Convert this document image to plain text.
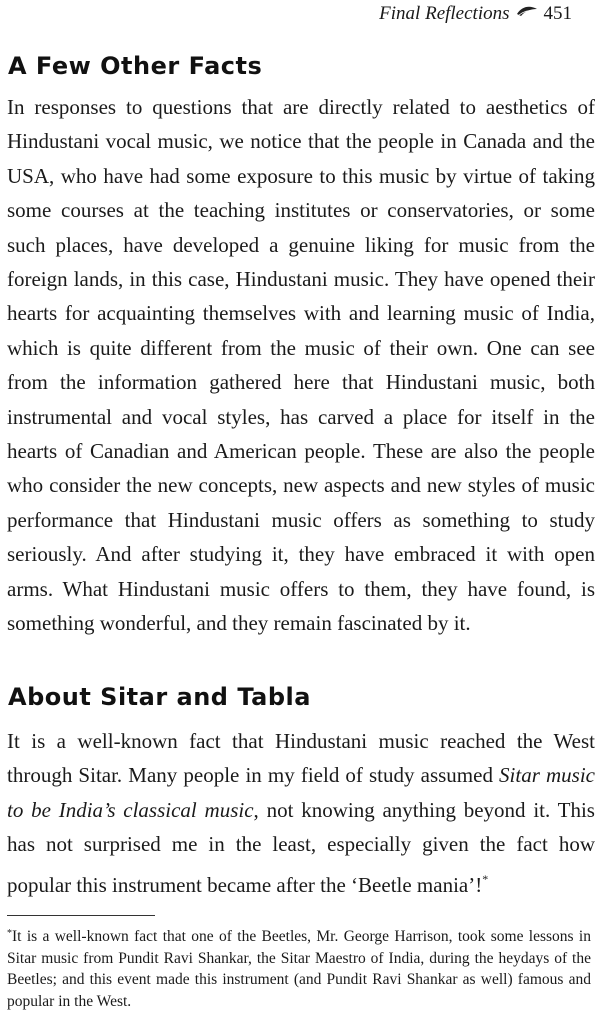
Final Reflections 451
A Few Other Facts

In responses to questions that are directly related to aesthetics of Hindustani vocal music, we notice that the people in Canada and the USA, who have had some exposure to this music by virtue of taking some courses at the teaching institutes or conservatories, or some such places, have developed a genuine liking for music from the foreign lands, in this case, Hindustani music. They have opened their hearts for acquainting themselves with and learning music of India, which is quite different from the music of their own. One can see from the information gathered here that Hindustani music, both instrumental and vocal styles, has carved a place for itself in the hearts of Canadian and American people. These are also the people who consider the new concepts, new aspects and new styles of music performance that Hindustani music offers as something to study seriously. And after studying it, they have embraced it with open arms. What Hindustani music offers to them, they have found, is something wonderful, and they remain fascinated by it.

About Sitar and Tabla

It is a well-known fact that Hindustani music reached the West through Sitar. Many people in my field of study assumed Sitar music to be India’s classical music, not knowing anything beyond it. This has not surprised me in the least, especially given the fact how popular this instrument became after the ‘Beetle mania’!*

*It is a well-known fact that one of the Beetles, Mr. George Harrison, took some lessons in Sitar music from Pundit Ravi Shankar, the Sitar Maestro of India, during the heydays of the Beetles; and this event made this instrument (and Pundit Ravi Shankar as well) famous and popular in the West.
